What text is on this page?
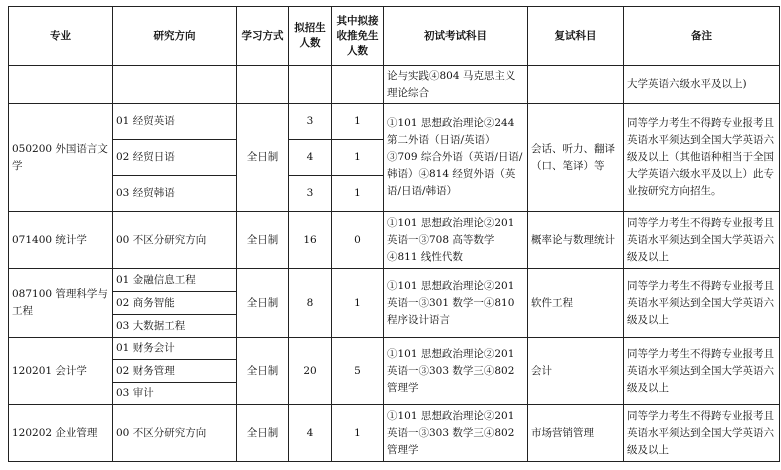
专业	研究方向	学习方式	拟招生人数	其中拟接收推免生人数	初试考试科目	复试科目	备注
					论与实践④804 马克思主义理论综合		大学英语六级水平及以上)
050200 外国语言文学	01 经贸英语	全日制	3	1	①101 思想政治理论②244 第二外语（日语/英语）③709 综合外语（英语/日语/韩语）④814 经贸外语（英语/日语/韩语）	会话、听力、翻译（口、笔译）等	同等学力考生不得跨专业报考且英语水平须达到全国大学英语六级及以上（其他语种相当于全国大学英语六级水平及以上）此专业按研究方向招生。
	02 经贸日语		4	1			
	03 经贸韩语		3	1			
071400 统计学	00 不区分研究方向	全日制	16	0	①101 思想政治理论②201 英语一③708 高等数学④811 线性代数	概率论与数理统计	同等学力考生不得跨专业报考且英语水平须达到全国大学英语六级及以上
087100 管理科学与工程	01 金融信息工程	全日制	8	1	①101 思想政治理论②201 英语一③301 数学一④810 程序设计语言	软件工程	同等学力考生不得跨专业报考且英语水平须达到全国大学英语六级及以上
	02 商务智能						
	03 大数据工程						
120201 会计学	01 财务会计	全日制	20	5	①101 思想政治理论②201 英语一③303 数学三④802 管理学	会计	同等学力考生不得跨专业报考且英语水平须达到全国大学英语六级及以上
	02 财务管理						
	03 审计						
120202 企业管理	00 不区分研究方向	全日制	4	1	①101 思想政治理论②201 英语一③303 数学三④802 管理学	市场营销管理	同等学力考生不得跨专业报考且英语水平须达到全国大学英语六级及以上
